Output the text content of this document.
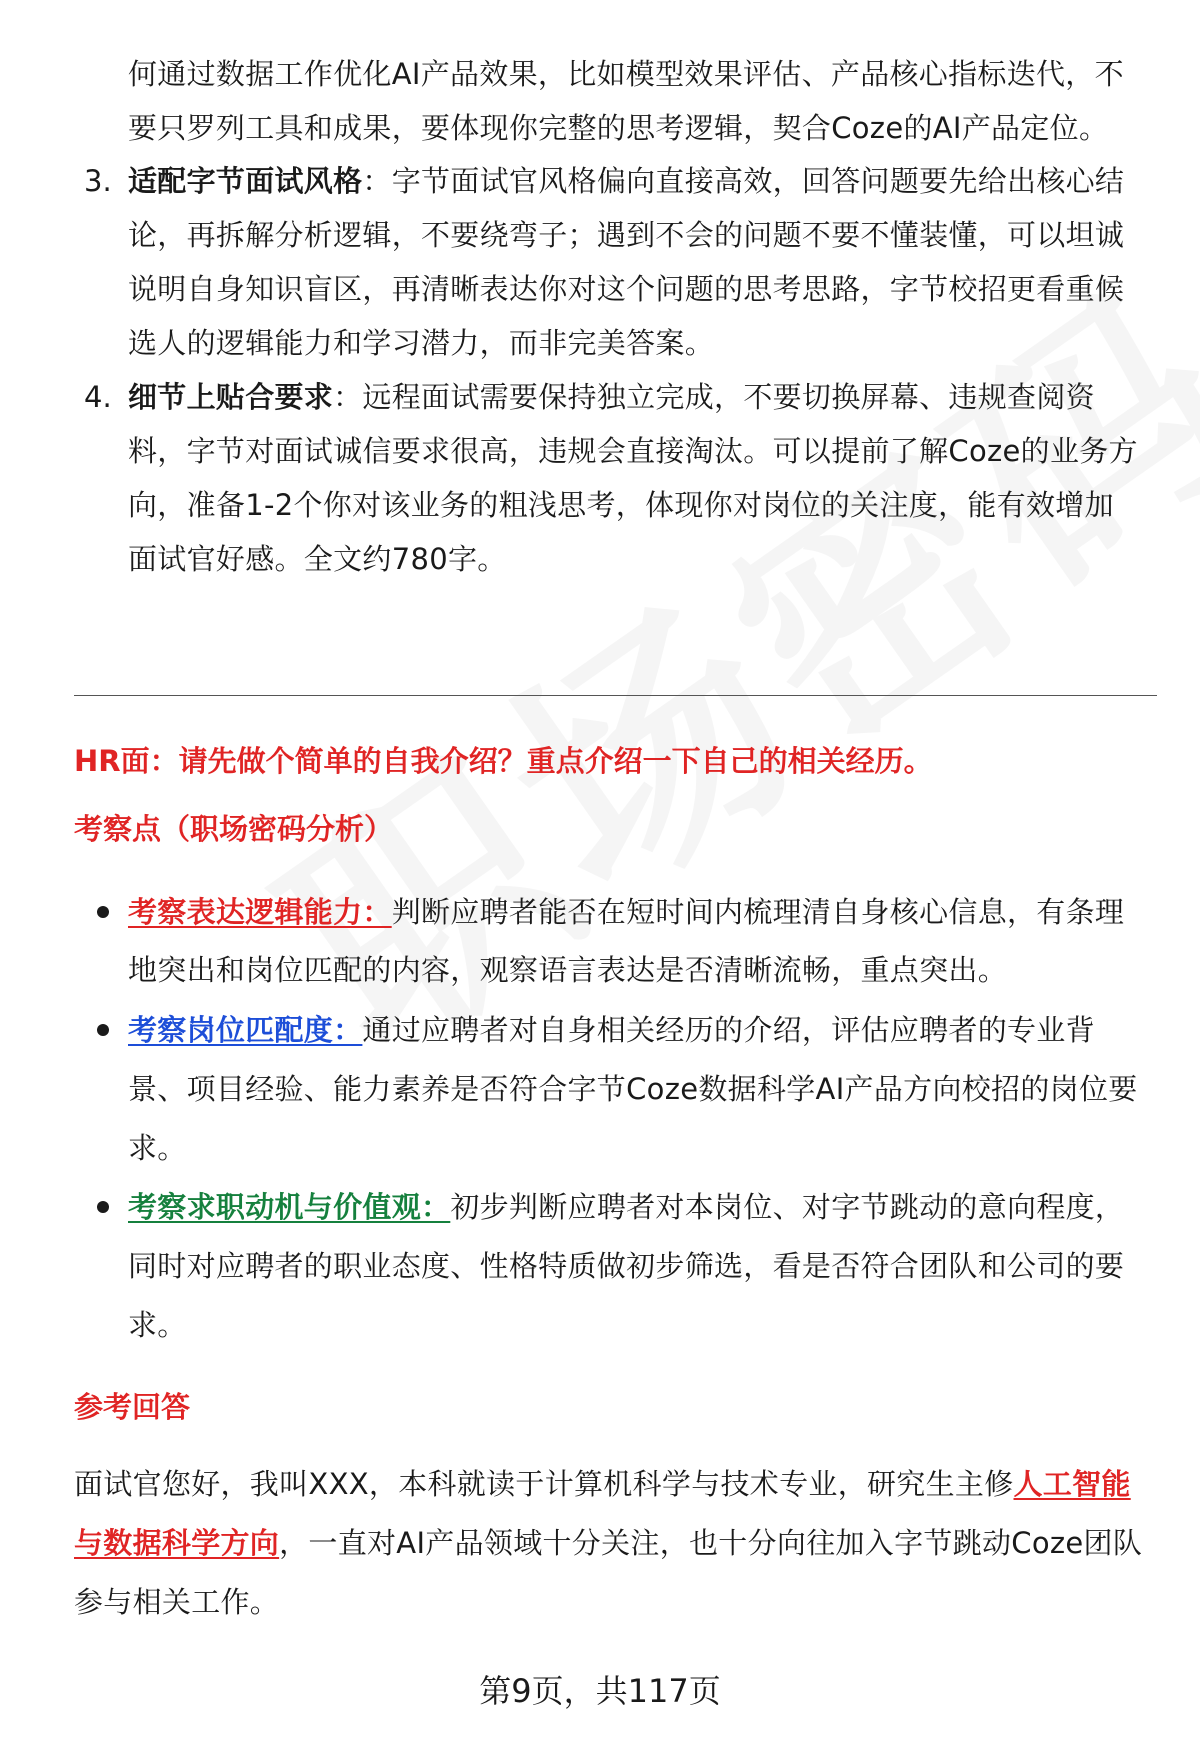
何通过数据工作优化AI产品效果，比如模型效果评估、产品核心指标迭代，不
要只罗列工具和成果，要体现你完整的思考逻辑，契合Coze的AI产品定位。
3. 适配字节面试风格：字节面试官风格偏向直接高效，回答问题要先给出核心结
论，再拆解分析逻辑，不要绕弯子；遇到不会的问题不要不懂装懂，可以坦诚
说明自身知识盲区，再清晰表达你对这个问题的思考思路，字节校招更看重候
选人的逻辑能力和学习潜力，而非完美答案。
4. 细节上贴合要求：远程面试需要保持独立完成，不要切换屏幕、违规查阅资
料，字节对面试诚信要求很高，违规会直接淘汰。可以提前了解Coze的业务方
向，准备1-2个你对该业务的粗浅思考，体现你对岗位的关注度，能有效增加
面试官好感。全文约780字。
HR面：请先做个简单的自我介绍？重点介绍一下自己的相关经历。
考察点（职场密码分析）
考察表达逻辑能力：判断应聘者能否在短时间内梳理清自身核心信息，有条理
地突出和岗位匹配的内容，观察语言表达是否清晰流畅，重点突出。
考察岗位匹配度：通过应聘者对自身相关经历的介绍，评估应聘者的专业背
景、项目经验、能力素养是否符合字节Coze数据科学AI产品方向校招的岗位要
求。
考察求职动机与价值观：初步判断应聘者对本岗位、对字节跳动的意向程度，
同时对应聘者的职业态度、性格特质做初步筛选，看是否符合团队和公司的要
求。
参考回答
面试官您好，我叫XXX，本科就读于计算机科学与技术专业，研究生主修人工智能
与数据科学方向，一直对AI产品领域十分关注，也十分向往加入字节跳动Coze团队
参与相关工作。
第9页，共117页
